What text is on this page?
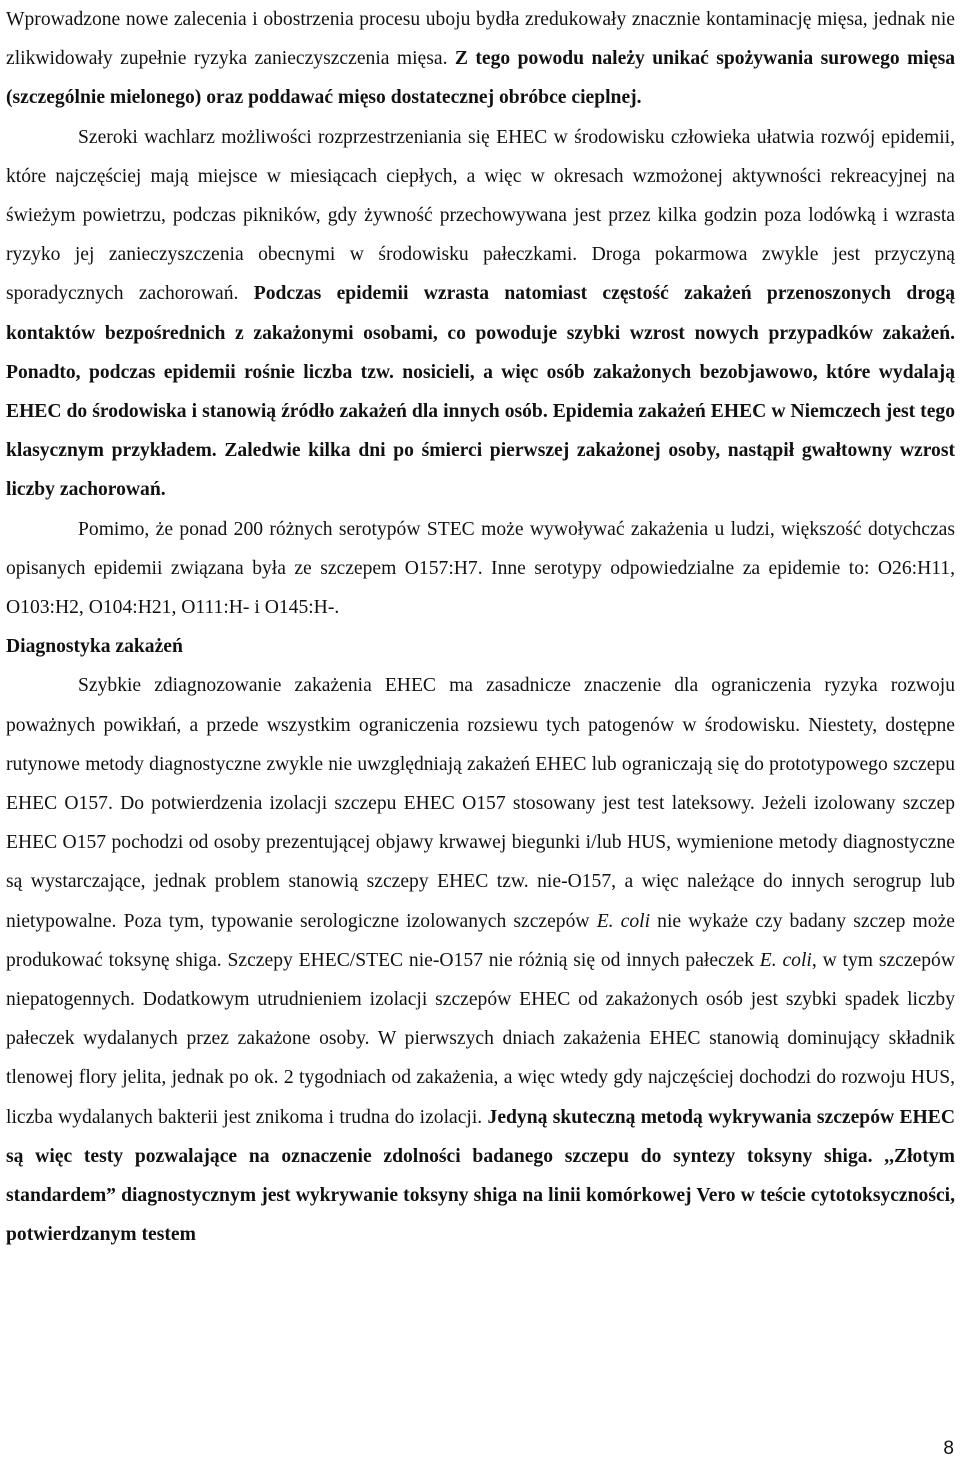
Wprowadzone nowe zalecenia i obostrzenia procesu uboju bydła zredukowały znacznie kontaminację mięsa, jednak nie zlikwidowały zupełnie ryzyka zanieczyszczenia mięsa. Z tego powodu należy unikać spożywania surowego mięsa (szczególnie mielonego) oraz poddawać mięso dostatecznej obróbce cieplnej.

Szeroki wachlarz możliwości rozprzestrzeniania się EHEC w środowisku człowieka ułatwia rozwój epidemii, które najczęściej mają miejsce w miesiącach ciepłych, a więc w okresach wzmożonej aktywności rekreacyjnej na świeżym powietrzu, podczas pikników, gdy żywność przechowywana jest przez kilka godzin poza lodówką i wzrasta ryzyko jej zanieczyszczenia obecnymi w środowisku pałeczkami. Droga pokarmowa zwykle jest przyczyną sporadycznych zachorowań. Podczas epidemii wzrasta natomiast częstość zakażeń przenoszonych drogą kontaktów bezpośrednich z zakażonymi osobami, co powoduje szybki wzrost nowych przypadków zakażeń. Ponadto, podczas epidemii rośnie liczba tzw. nosicieli, a więc osób zakażonych bezobjawowo, które wydalają EHEC do środowiska i stanowią źródło zakażeń dla innych osób. Epidemia zakażeń EHEC w Niemczech jest tego klasycznym przykładem. Zaledwie kilka dni po śmierci pierwszej zakażonej osoby, nastąpił gwałtowny wzrost liczby zachorowań.

Pomimo, że ponad 200 różnych serotypów STEC może wywoływać zakażenia u ludzi, większość dotychczas opisanych epidemii związana była ze szczepem O157:H7. Inne serotypy odpowiedzialne za epidemie to: O26:H11, O103:H2, O104:H21, O111:H- i O145:H-.

Diagnostyka zakażeń

Szybkie zdiagnozowanie zakażenia EHEC ma zasadnicze znaczenie dla ograniczenia ryzyka rozwoju poważnych powikłań, a przede wszystkim ograniczenia rozsiewu tych patogenów w środowisku. Niestety, dostępne rutynowe metody diagnostyczne zwykle nie uwzględniają zakażeń EHEC lub ograniczają się do prototypowego szczepu EHEC O157. Do potwierdzenia izolacji szczepu EHEC O157 stosowany jest test lateksowy. Jeżeli izolowany szczep EHEC O157 pochodzi od osoby prezentującej objawy krwawej biegunki i/lub HUS, wymienione metody diagnostyczne są wystarczające, jednak problem stanowią szczepy EHEC tzw. nie-O157, a więc należące do innych serogrup lub nietypowalne. Poza tym, typowanie serologiczne izolowanych szczepów E. coli nie wykaże czy badany szczep może produkować toksynę shiga. Szczepy EHEC/STEC nie-O157 nie różnią się od innych pałeczek E. coli, w tym szczepów niepatogennych. Dodatkowym utrudnieniem izolacji szczepów EHEC od zakażonych osób jest szybki spadek liczby pałeczek wydalanych przez zakażone osoby. W pierwszych dniach zakażenia EHEC stanowią dominujący składnik tlenowej flory jelita, jednak po ok. 2 tygodniach od zakażenia, a więc wtedy gdy najczęściej dochodzi do rozwoju HUS, liczba wydalanych bakterii jest znikoma i trudna do izolacji. Jedyną skuteczną metodą wykrywania szczepów EHEC są więc testy pozwalające na oznaczenie zdolności badanego szczepu do syntezy toksyny shiga. ,,Złotym standardem” diagnostycznym jest wykrywanie toksyny shiga na linii komórkowej Vero w teście cytotoksyczności, potwierdzanym testem

8
